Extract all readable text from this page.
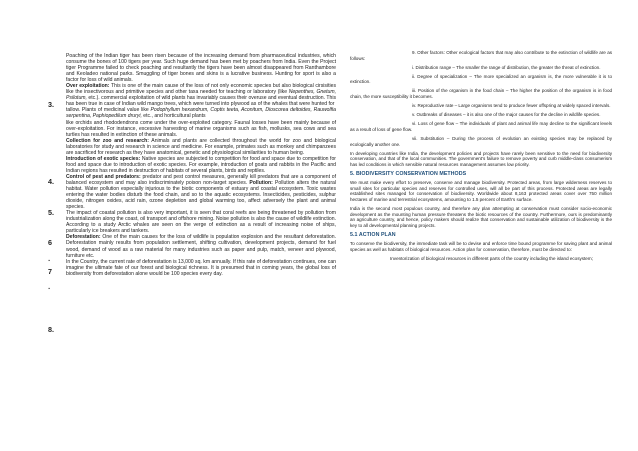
3.
4.
5.
6
‧
7
‧
8.

Poaching of the Indian tiger has been risen because of the increasing demand from pharmaceutical industries, which consume the bones of 100 tigers per year. Such huge demand has been met by poachers from India. Even the Project tiger Programme failed to check poaching and resultantly the tigers have been almost disappeared from Ranthambore and Keoladeo national parks. Smuggling of tiger bones and skins is a lucrative business. Hunting for sport is also a factor for loss of wild animals.

Over exploitation: This is one of the main cause of the loss of not only economic species but also biological cirsisities like the insectivorous and primitive species and other taxa needed for teaching or laboratory (like Nepenthes, Gnetum, Psilotum, etc.). commercial exploitation of wild plants has invariably causes their overuse and eventual destruction. This has been true in case of Indian wild mango trees, which were turned into plywood as of the whales that were hunted for

tallow. Plants of medicinal value like Podophyllum hexandrum, Coptis teeta, Aconitum, Dioscorea deltoides, Rauwolfia serpentina, Paphiopedilum druryi, etc., and horticultural plants

like orchids and rhododendrons come under the over-exploited category. Faunal losses have been mainly because of over-exploitation. For instance, excessive harvesting of marine organisms such as fish, mollusks, sea cows and sea turtles has resulted in extinction of these animals.

Collection for zoo and research: Animals and plants are collected throughout the world for zoo and biological laboratories for study and research in science and medicine. For example, primates such as monkey and chimpanzees are sacrificed for research as they have anatomical, genetic and physiological similarities to human being.

Introduction of exotic species: Native species are subjected to competition for food and space due to competition for food and space due to introduction of exotic species. For example, introduction of goats and rabbits in the Pacific and Indian regions has resulted in destruction of habitats of several plants, birds and reptiles.

Control of pest and predators: predator and pest control measures, generally kill predators that are a component of balanced ecosystem and may also indiscriminately poison non-target species. Pollution: Pollution alters the natural habitat. Water pollution especially injurious to the biotic components of estuary and coastal ecosystem. Toxic wastes entering the water bodies disturb the food chain, and so to the aquatic ecosystems. Insecticides, pesticides, sulphur dioxide, nitrogen oxides, acid rain, ozone depletion and global warming too, affect adversely the plant and animal species.

The impact of coastal pollution is also very important, it is seen that coral reefs are being threatened by pollution from industrialization along the coast, oil transport and offshore mining. Noise pollution is also the cause of wildlife extinction. According to a study Arctic whales are seen on the verge of extinction as a result of increasing noise of ships, particularly ice breakers and tankers.

Deforestation: One of the main causes for the loss of wildlife is population explosion and the resultant deforestation. Deforestation mainly results from population settlement, shifting cultivation, development projects, demand for fuel wood, demand of wood as a raw material for many industries such as paper and pulp, match, veneer and plywood, furniture etc.

In the Country, the current rate of deforestation is 13,000 sq. km annually. If this rate of deforestation continues, one can imagine the ultimate fate of our forest and biological richness. It is presumed that in coming years, the global loss of biodiversity from deforestation alone would be 100 species every day.

9. Other factors: Other ecological factors that may also contribute to the extinction of wildlife are as follows:

i. Distribution range – The smaller the range of distribution, the greater the threat of extinction.

ii. Degree of specialization – The more specialized an organism is, the more vulnerable it is to extinction.

iii. Position of the organism in the food chain – The higher the position of the organism is in food chain, the more susceptibility it becomes.

iv. Reproductive rate – Large organisms tend to produce fewer offspring at widely spaced intervals.

v. Outbreaks of diseases – it is also one of the major causes for the decline in wildlife species.

vi. Loss of gene flow – The individuals of plant and animal life may decline to the significant levels as a result of loss of gene flow.

vii. Substitution – During the process of evolution an existing species may be replaced by ecologically another one.

In developing countries like India, the development policies and projects have rarely been sensitive to the need for biodiversity conservation, and that of the local communities. The government’s failure to remove poverty and curb middle-class consumerism has led conditions in which sensible natural resources management assumes low priority.

5. BIODIVERSITY CONSERVATION METHODS

We must make every effort to preserve, conserve and manage biodiversity. Protected areas, from large wilderness reserves to small sites for particular species and reserves for controlled uses, will all be part of this process. Protected areas are legally established sites managed for conservation of biodiversity. Worldwide about 8,163 protected areas cover over 750 million hectares of marine and terrestrial ecosystems, amounting to 1.5 percent of Earth’s surface.

India is the second most populous country, and therefore any plan attempting at conservation must consider socio-economic development as the mounting human pressure threatens the biotic resources of the country. Furthermore, ours is predominantly an agriculture country, and hence, policy makers should realize that conservation and sustainable utilization of biodiversity is the key to all developmental planning projects.

5.1 ACTION PLAN

To conserve the biodiversity, the immediate task will be to devise and enforce time bound programme for saving plant and animal species as well as habitats of biological resources. Action plan for conservation, therefore, must be directed to:

Inventorization of biological resources in different parts of the country including the island ecosystem;
